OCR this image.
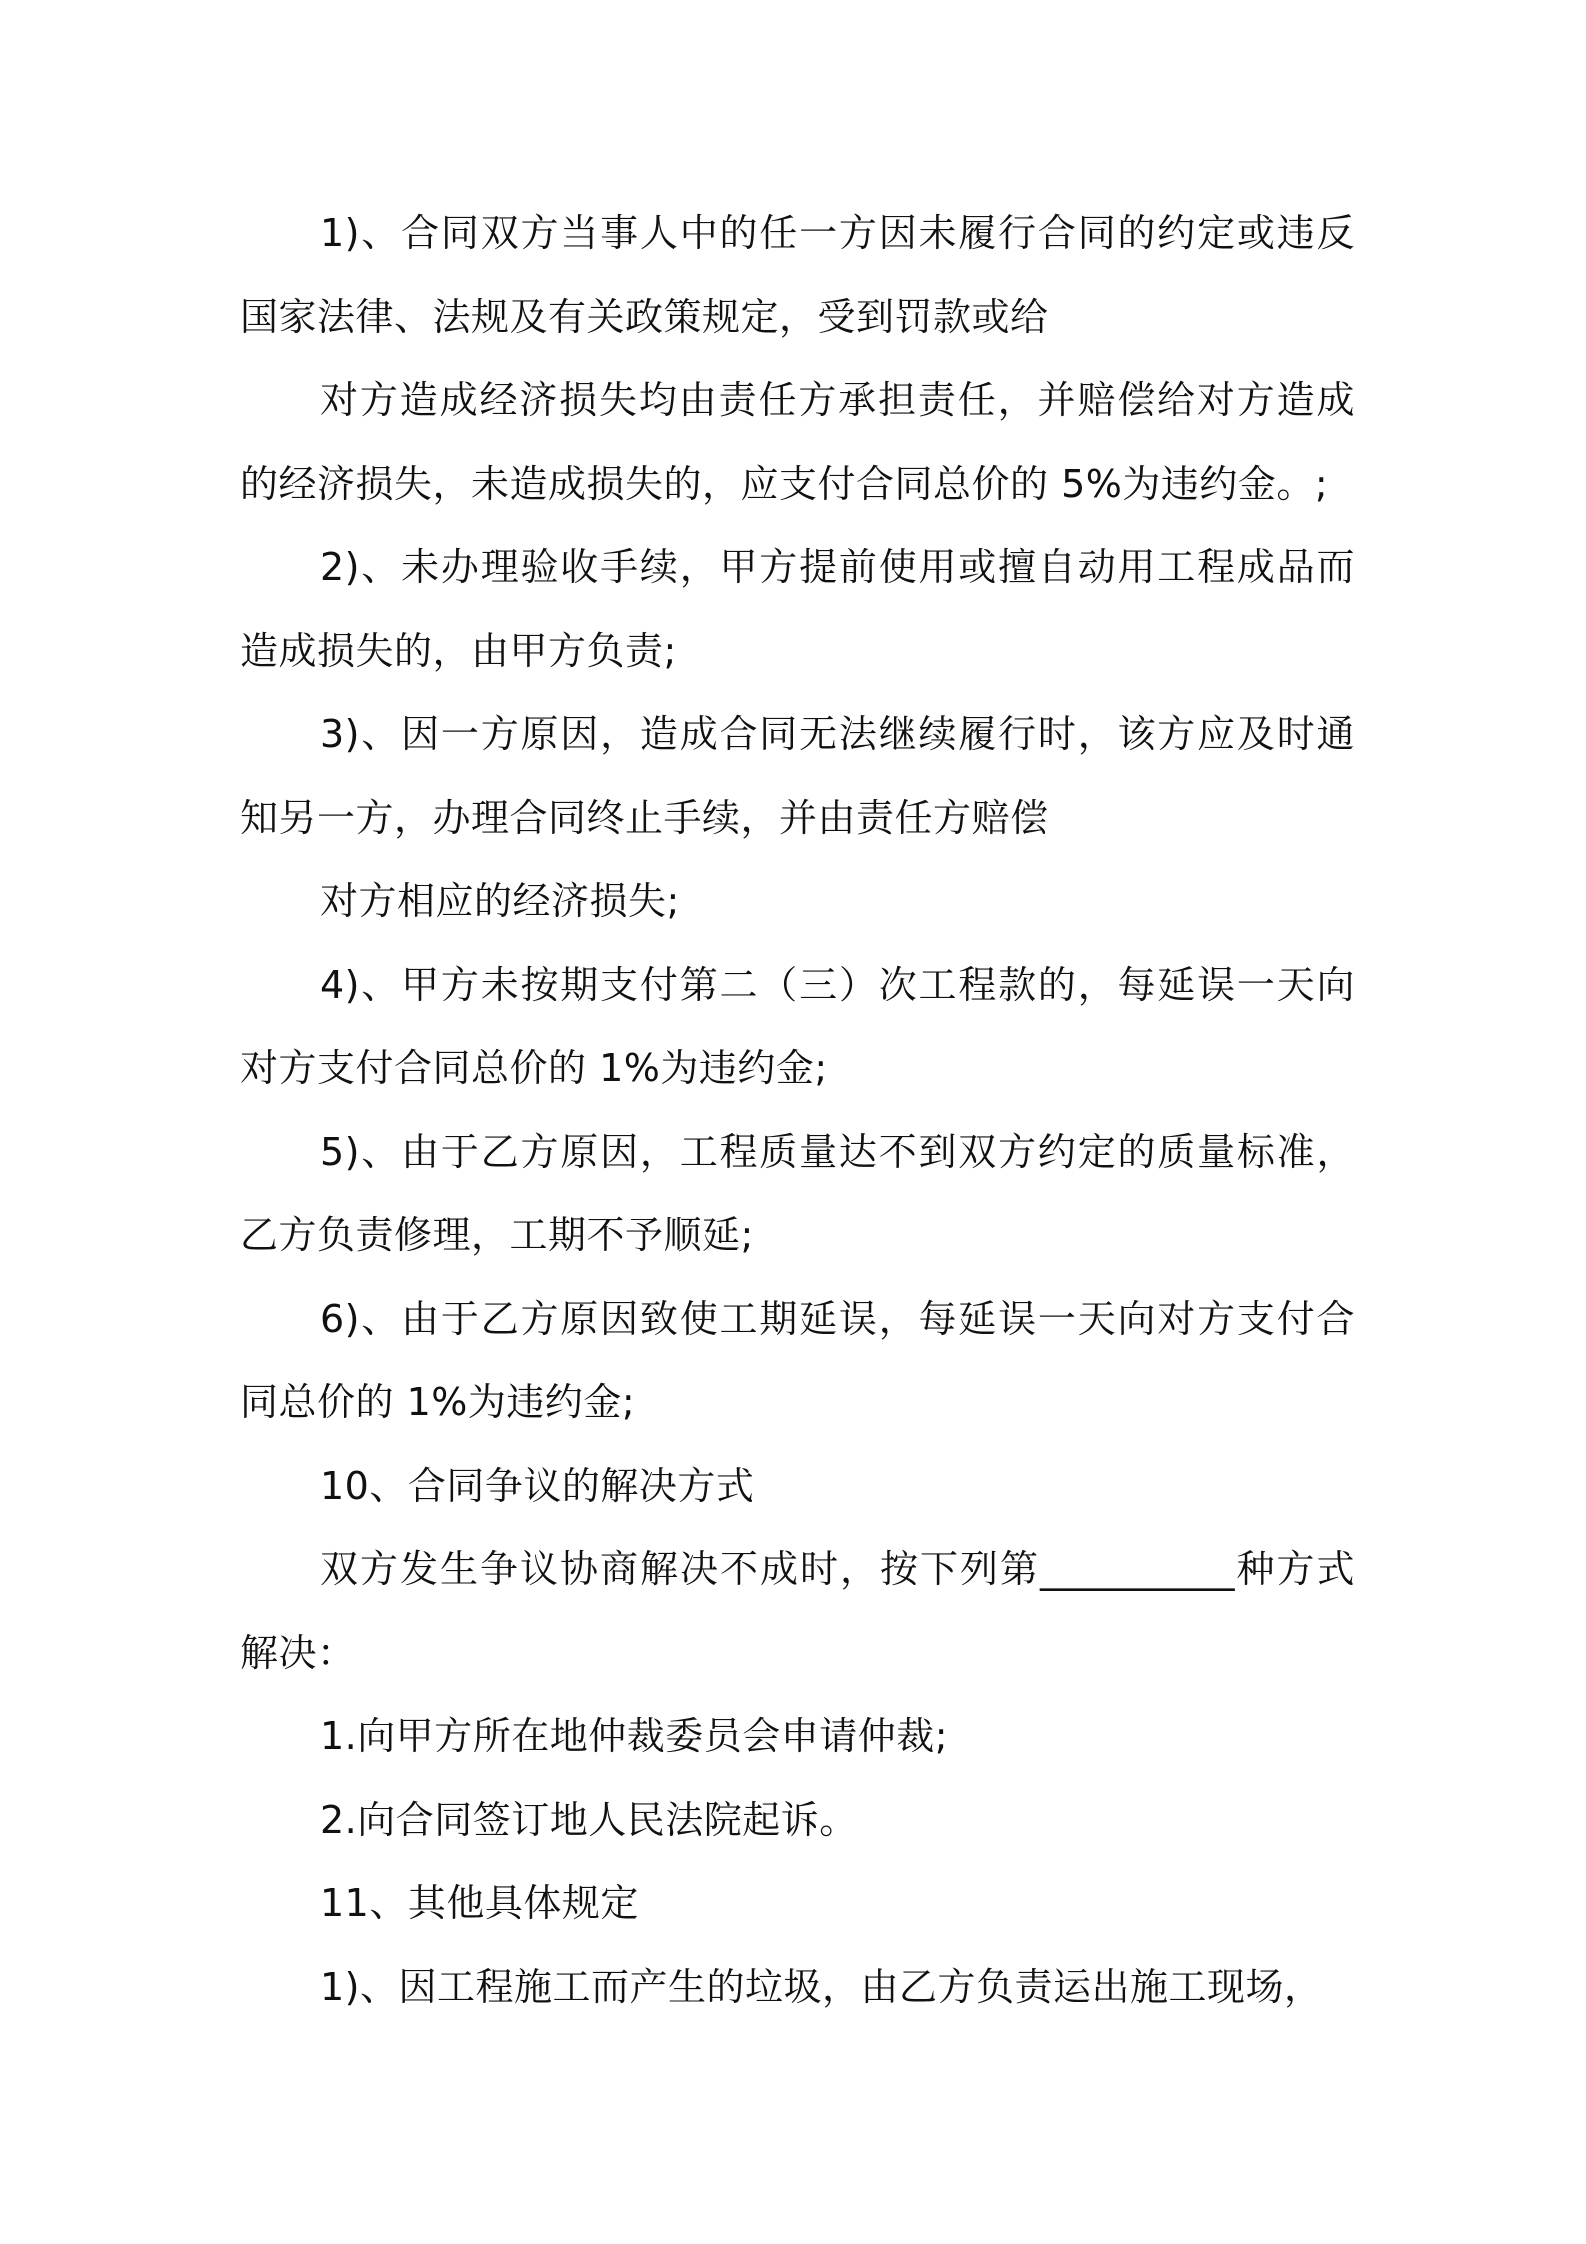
1)、合同双方当事人中的任一方因未履行合同的约定或违反国家法律、法规及有关政策规定，受到罚款或给

对方造成经济损失均由责任方承担责任，并赔偿给对方造成的经济损失，未造成损失的，应支付合同总价的 5%为违约金。;

2)、未办理验收手续，甲方提前使用或擅自动用工程成品而造成损失的，由甲方负责;

3)、因一方原因，造成合同无法继续履行时，该方应及时通知另一方，办理合同终止手续，并由责任方赔偿

对方相应的经济损失;

4)、甲方未按期支付第二（三）次工程款的，每延误一天向对方支付合同总价的 1%为违约金;

5)、由于乙方原因，工程质量达不到双方约定的质量标准，乙方负责修理，工期不予顺延;

6)、由于乙方原因致使工期延误，每延误一天向对方支付合同总价的 1%为违约金;

10、合同争议的解决方式

双方发生争议协商解决不成时，按下列第__________种方式解决：

1.向甲方所在地仲裁委员会申请仲裁;

2.向合同签订地人民法院起诉。

11、其他具体规定

1)、因工程施工而产生的垃圾，由乙方负责运出施工现场，
